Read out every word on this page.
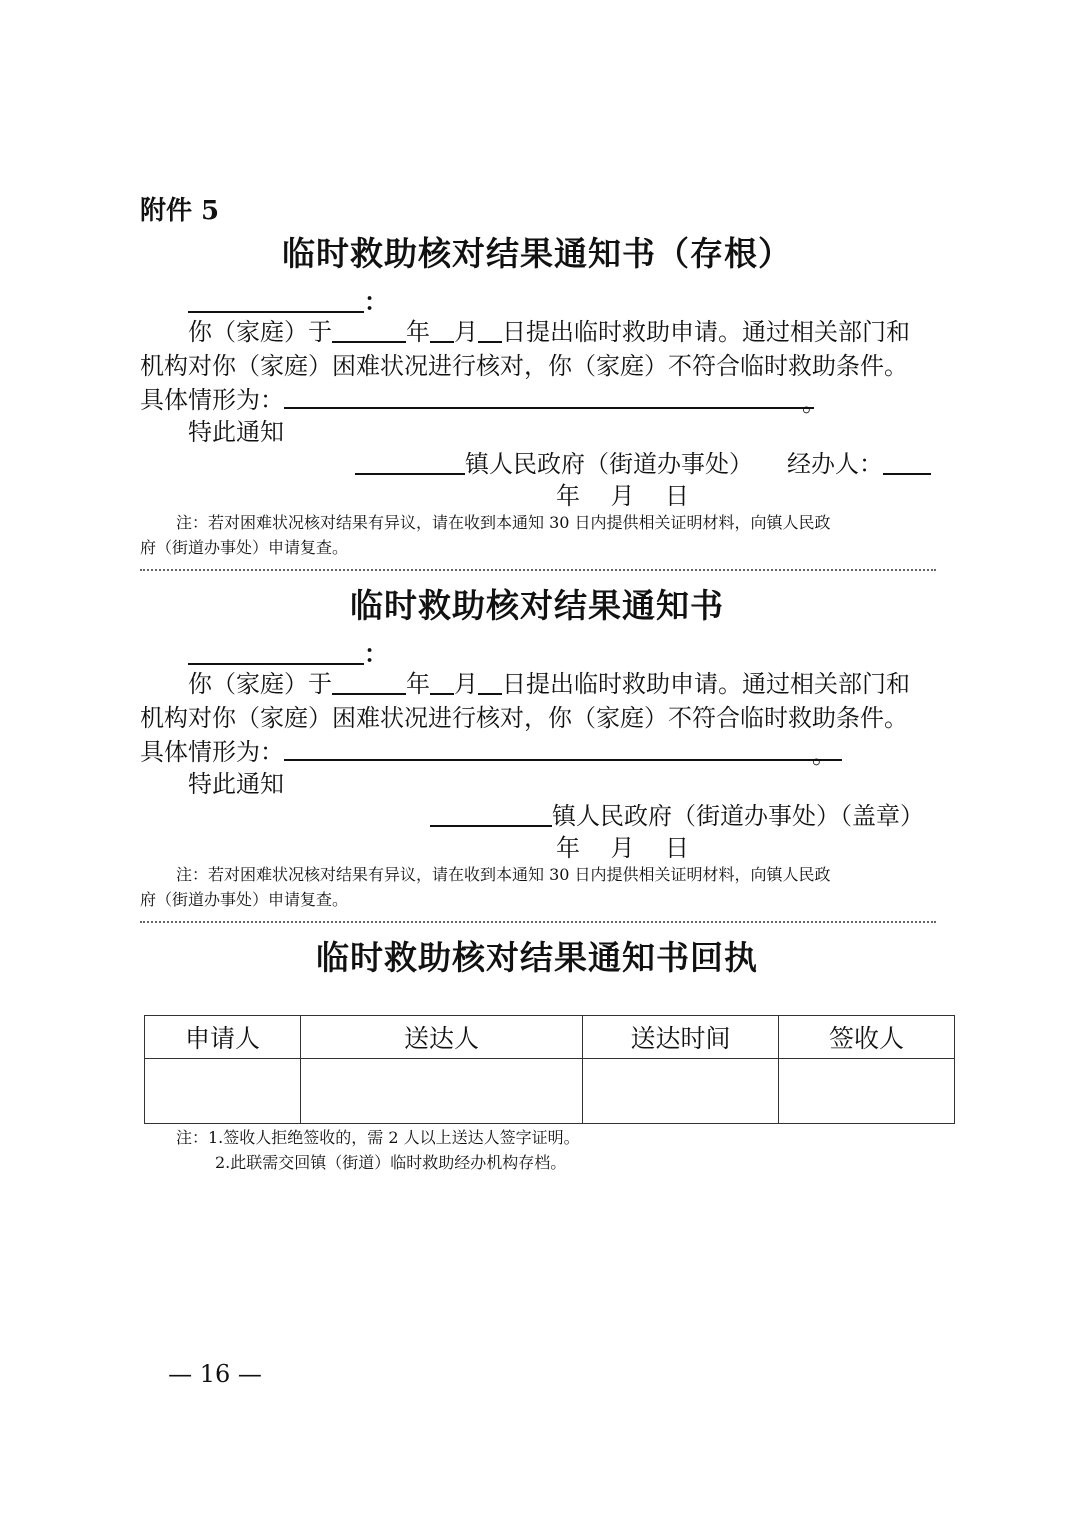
附件 5
临时救助核对结果通知书（存根）
：
你（家庭）于	年 月 日提出临时救助申请。通过相关部门和
机构对你（家庭）困难状况进行核对，你（家庭）不符合临时救助条件。
具体情形为：	。
特此通知
镇人民政府（街道办事处） 经办人：
年    月    日
注：若对困难状况核对结果有异议，请在收到本通知 30 日内提供相关证明材料，向镇人民政
府（街道办事处）申请复查。
临时救助核对结果通知书
：
你（家庭）于	年 月 日提出临时救助申请。通过相关部门和
机构对你（家庭）困难状况进行核对，你（家庭）不符合临时救助条件。
具体情形为：	。
特此通知
镇人民政府（街道办事处）（盖章）
年    月    日
注：若对困难状况核对结果有异议，请在收到本通知 30 日内提供相关证明材料，向镇人民政
府（街道办事处）申请复查。
临时救助核对结果通知书回执
申请人	送达人	送达时间	签收人

注：1.签收人拒绝签收的，需 2 人以上送达人签字证明。
2.此联需交回镇（街道）临时救助经办机构存档。
— 16 —
